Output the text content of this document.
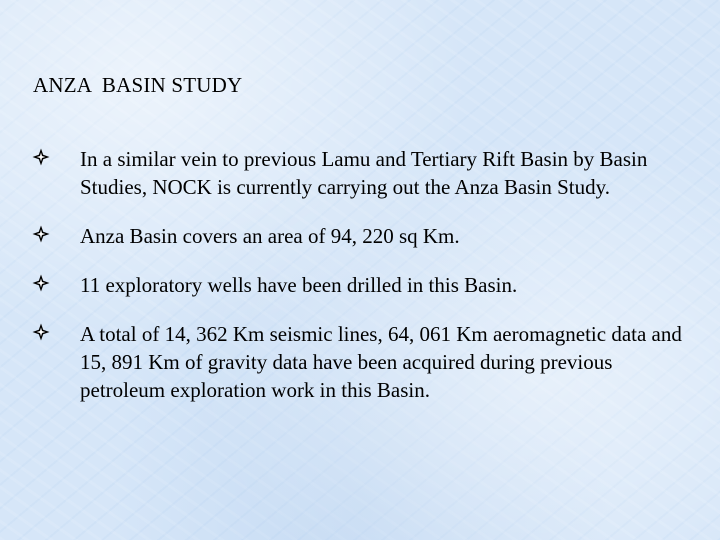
ANZA  BASIN STUDY
In a similar vein to previous Lamu and Tertiary Rift Basin by Basin Studies, NOCK is currently carrying out the Anza Basin Study.
Anza Basin covers an area of 94, 220 sq Km.
11 exploratory wells have been drilled in this Basin.
A total of 14, 362 Km seismic lines, 64, 061 Km aeromagnetic data and 15, 891 Km of gravity data have been acquired during previous petroleum exploration work in this Basin.
